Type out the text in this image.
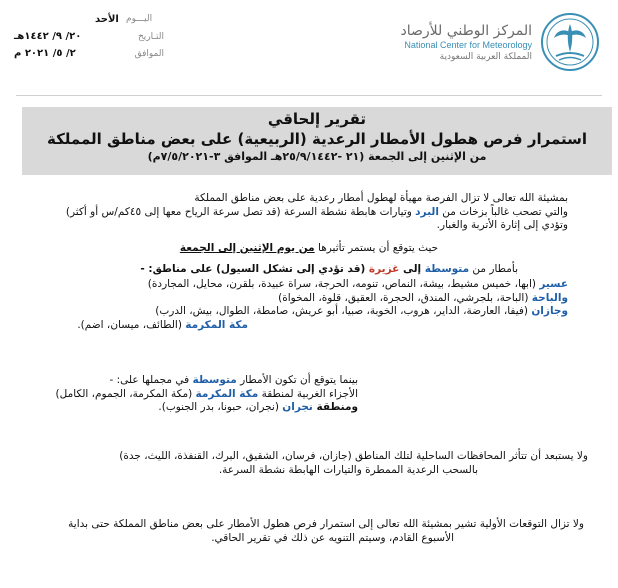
الأحد
٢٠/ ٩/ ١٤٤٢هـ	التـاريخ
٢/ ٥/ ٢٠٢١ م	الموافق
اليـــوم
المركز الوطني للأرصاد
National Center for Meteorology
المملكة العربية السعودية
تقرير إلحاقي
استمرار فرص هطول الأمطار الرعدية (الربيعية) على بعض مناطق المملكة
من الإثنين إلى الجمعة (٢١ -٢٥/٩/١٤٤٢هـ الموافق ٣-٧/٥/٢٠٢١م)
بمشيئة الله تعالى لا تزال الفرصة مهيأة لهطول أمطار رعدية على بعض مناطق المملكة
والتي تصحب غالباً بزخات من البرد وتيارات هابطة نشطة السرعة (قد تصل سرعة الرياح معها إلى ٤٥كم/س أو أكثر)
وتؤدي إلى إثارة الأتربة والغبار.
حيث يتوقع أن يستمر تأثيرها من يوم الإثنين إلى الجمعة
بأمطار من متوسطة إلى غزيرة (قد تؤدي إلى تشكل السيول) على مناطق: -
عسير (ابها، خميس مشيط، بيشة، النماص، تنومه، الحرجة، سراة عبيدة، بلقرن، محايل، المجاردة)
والباحة (الباحة، بلجرشي، المندق، الحجرة، العقيق، قلوة، المخواة)
وجازان (فيفا، العارضة، الداير، هروب، الخوبة، صبيا، أبو عريش، صامطة، الطوال، بيش، الدرب)
مكة المكرمة (الطائف، ميسان، اضم).
بينما يتوقع أن تكون الأمطار متوسطة في مجملها على: -
الأجزاء الغربية لمنطقة مكة المكرمة (مكة المكرمة، الجموم، الكامل)
ومنطقة نجران (نجران، حبونا، بدر الجنوب).
ولا يستبعد أن تتأثر المحافظات الساحلية لتلك المناطق (جازان، فرسان، الشقيق، البرك، القنفذة، الليث، جدة)
بالسحب الرعدية الممطرة والتيارات الهابطة نشطة السرعة.
ولا تزال التوقعات الأولية تشير بمشيئة الله تعالى إلى استمرار فرص هطول الأمطار على بعض مناطق المملكة حتى بداية
الأسبوع القادم، وسيتم التنويه عن ذلك في تقرير الحاقي.
